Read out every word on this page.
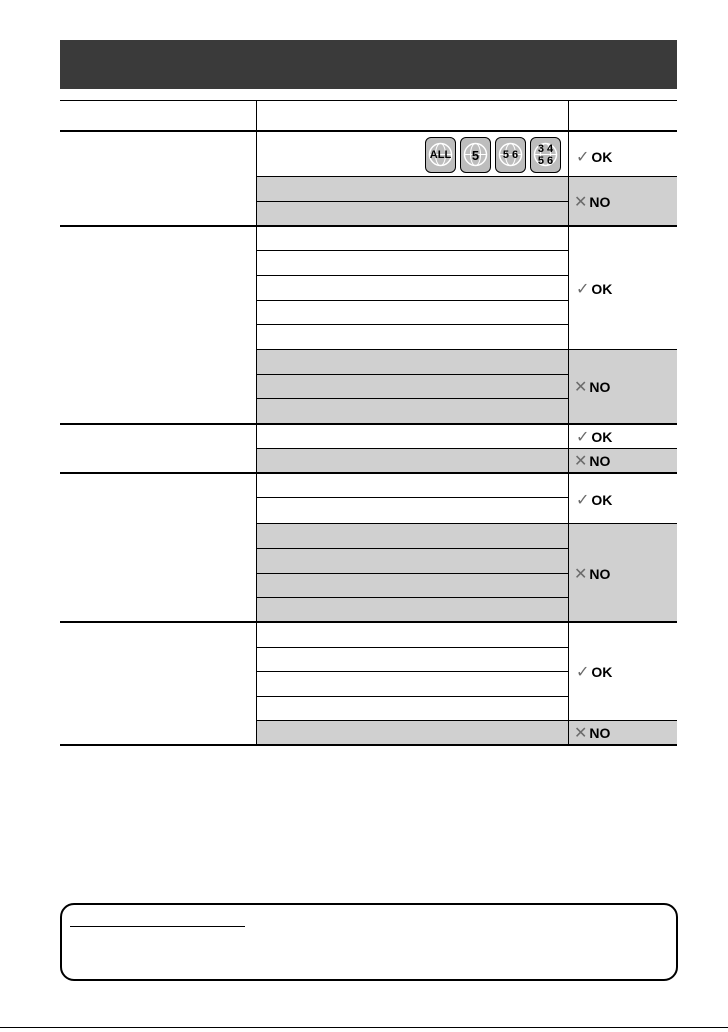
ALL 5 5 6 3 4
5 6 ✓ OK
✕ NO
✓ OK
✕ NO
✓ OK
✕ NO
✓ OK
✕ NO
✓ OK
✕ NO
